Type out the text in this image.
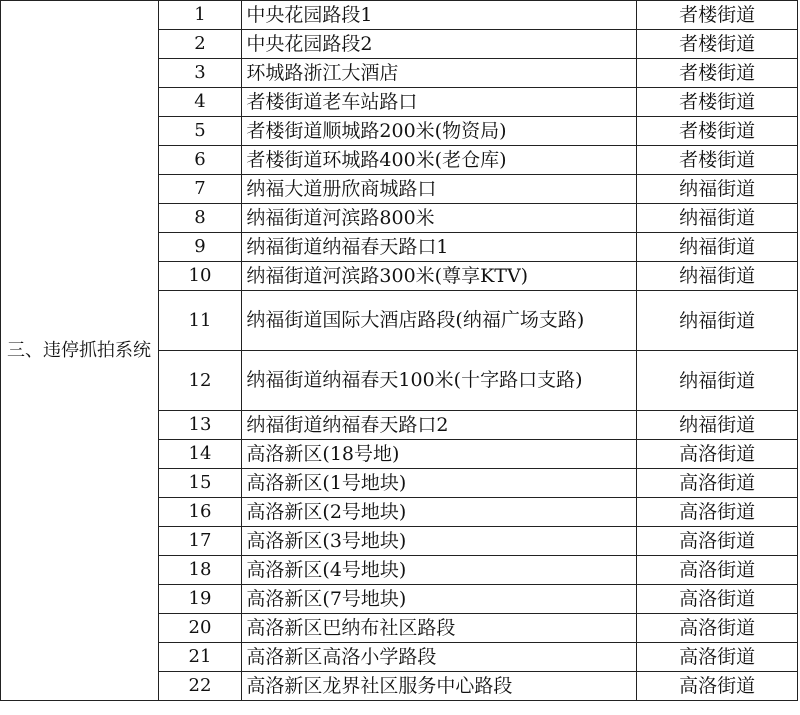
三、违停抓拍系统	1	中央花园路段1	者楼街道
	2	中央花园路段2	者楼街道
	3	环城路浙江大酒店	者楼街道
	4	者楼街道老车站路口	者楼街道
	5	者楼街道顺城路200米(物资局)	者楼街道
	6	者楼街道环城路400米(老仓库)	者楼街道
	7	纳福大道册欣商城路口	纳福街道
	8	纳福街道河滨路800米	纳福街道
	9	纳福街道纳福春天路口1	纳福街道
	10	纳福街道河滨路300米(尊享KTV)	纳福街道
	11	纳福街道国际大酒店路段(纳福广场支路)	纳福街道
	12	纳福街道纳福春天100米(十字路口支路)	纳福街道
	13	纳福街道纳福春天路口2	纳福街道
	14	高洛新区(18号地)	高洛街道
	15	高洛新区(1号地块)	高洛街道
	16	高洛新区(2号地块)	高洛街道
	17	高洛新区(3号地块)	高洛街道
	18	高洛新区(4号地块)	高洛街道
	19	高洛新区(7号地块)	高洛街道
	20	高洛新区巴纳布社区路段	高洛街道
	21	高洛新区高洛小学路段	高洛街道
	22	高洛新区龙界社区服务中心路段	高洛街道
